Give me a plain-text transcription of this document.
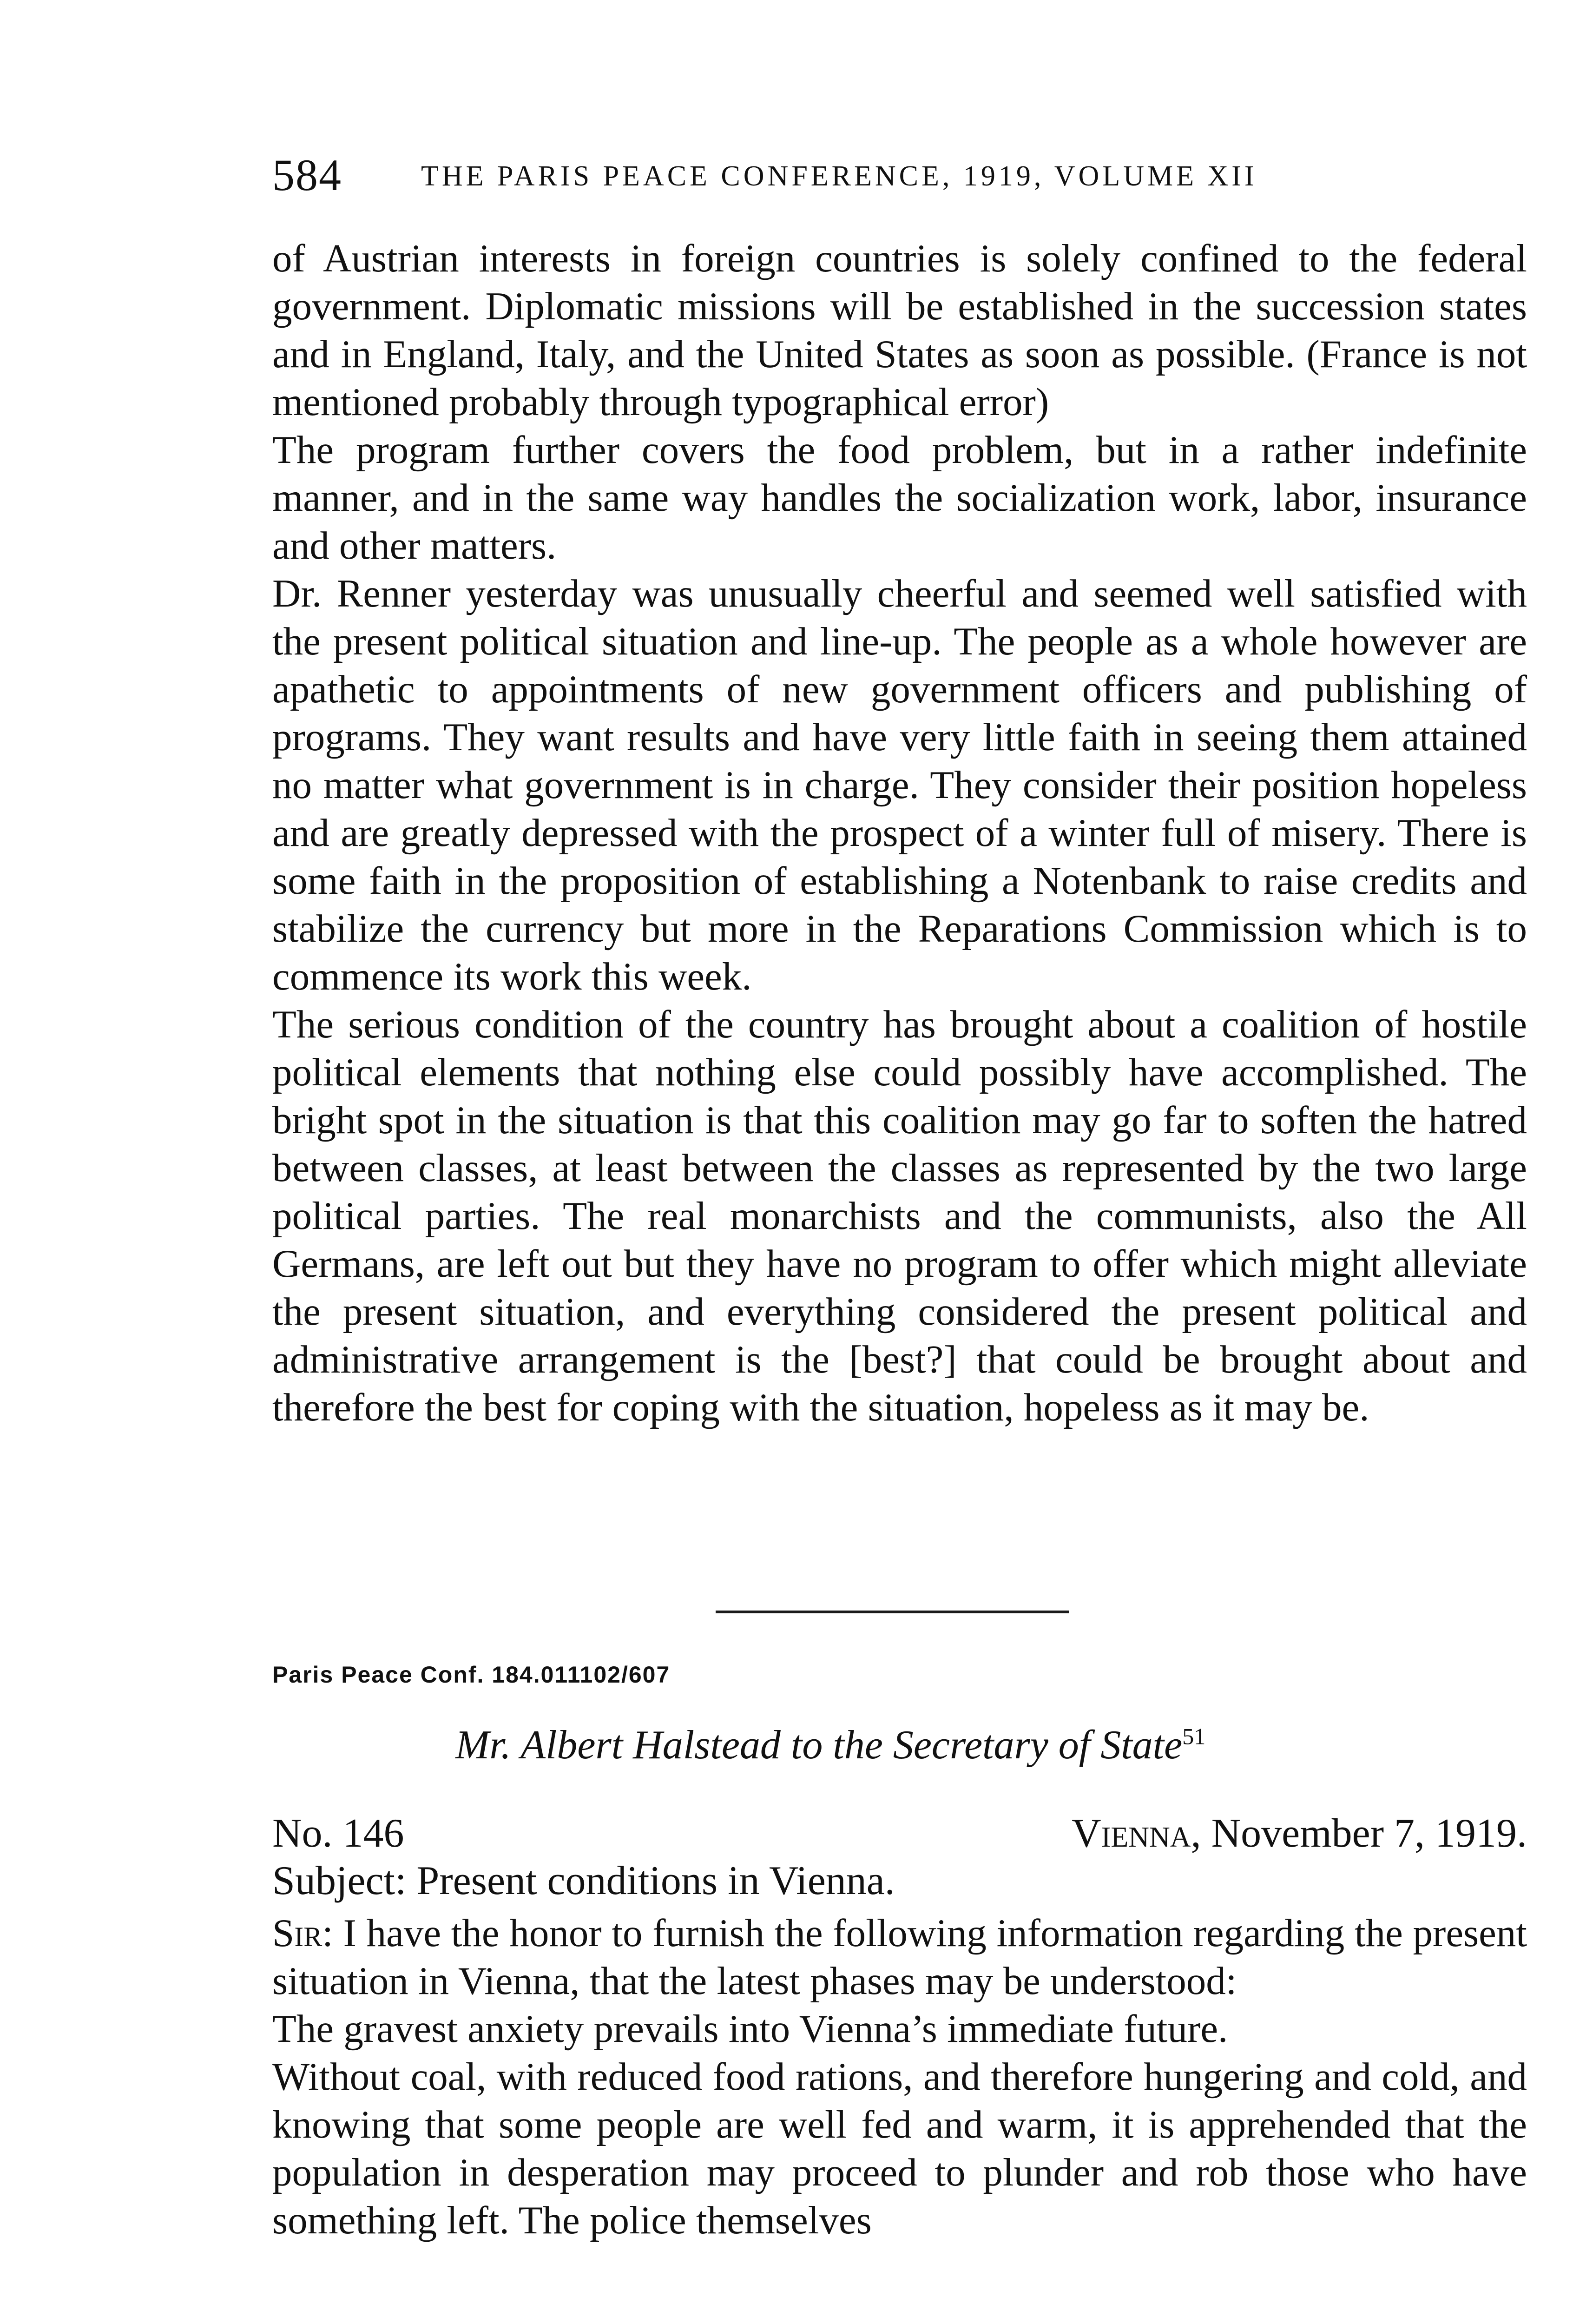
584	THE PARIS PEACE CONFERENCE, 1919, VOLUME XII

of Austrian interests in foreign countries is solely confined to the federal government. Diplomatic missions will be established in the succession states and in England, Italy, and the United States as soon as possible. (France is not mentioned probably through typographical error)

The program further covers the food problem, but in a rather indefinite manner, and in the same way handles the socialization work, labor, insurance and other matters.

Dr. Renner yesterday was unusually cheerful and seemed well satisfied with the present political situation and line-up. The people as a whole however are apathetic to appointments of new government officers and publishing of programs. They want results and have very little faith in seeing them attained no matter what government is in charge. They consider their position hopeless and are greatly depressed with the prospect of a winter full of misery. There is some faith in the proposition of establishing a Notenbank to raise credits and stabilize the currency but more in the Reparations Commission which is to commence its work this week.

The serious condition of the country has brought about a coalition of hostile political elements that nothing else could possibly have accomplished. The bright spot in the situation is that this coalition may go far to soften the hatred between classes, at least between the classes as represented by the two large political parties. The real monarchists and the communists, also the All Germans, are left out but they have no program to offer which might alleviate the present situation, and everything considered the present political and administrative arrangement is the [best?] that could be brought about and therefore the best for coping with the situation, hopeless as it may be.

Paris Peace Conf. 184.011102/607
Mr. Albert Halstead to the Secretary of State$^{51}$
No. 146	Vienna, November 7, 1919.
Subject: Present conditions in Vienna.

Sir: I have the honor to furnish the following information regarding the present situation in Vienna, that the latest phases may be understood:

The gravest anxiety prevails into Vienna’s immediate future.

Without coal, with reduced food rations, and therefore hungering and cold, and knowing that some people are well fed and warm, it is apprehended that the population in desperation may proceed to plunder and rob those who have something left. The police themselves
